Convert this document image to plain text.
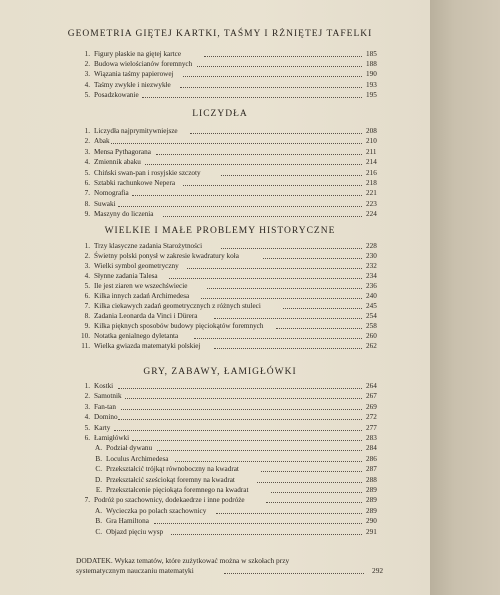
GEOMETRIA GIĘTEJ KARTKI, TAŚMY I RŻNIĘTEJ TAFELKI
1. Figury płaskie na giętej kartce	185
2. Budowa wielościanów foremnych	188
3. Wiązania taśmy papierowej	190
4. Taśmy zwykłe i niezwykłe	193
5. Posadzkowanie	195
LICZYDŁA
1. Liczydła najprymitywniejsze	208
2. Abak	210
3. Mensa Pythagorana	211
4. Zmiennik abaku	214
5. Chiński swan-pan i rosyjskie szczoty	216
6. Sztabki rachunkowe Nepera	218
7. Nomografia	221
8. Suwaki	223
9. Maszyny do liczenia	224
WIELKIE I MAŁE PROBLEMY HISTORYCZNE
1. Trzy klasyczne zadania Starożytności	228
2. Świetny polski ponysł w zakresie kwadratury koła	230
3. Wielki symbol geometryczny	232
4. Słynne zadania Talesa	234
5. Ile jest ziaren we wszechświecie	236
6. Kilka innych zadań Archimedesa	240
7. Kilka ciekawych zadań geometrycznych z różnych stuleci	245
8. Zadania Leonarda da Vinci i Dürera	254
9. Kilka pięknych sposobów budowy pięciokątów foremnych	258
10. Notatka genialnego dyletanta	260
11. Wielka gwiazda matematyki polskiej	262
GRY, ZABAWY, ŁAMIGŁÓWKI
1. Kostki	264
2. Samotnik	267
3. Fan-tan	269
4. Domino	272
5. Karty	277
6. Łamigłówki	283
A. Podział dywanu	284
B. Loculus Archimedesa	286
C. Przekształcić trójkąt równoboczny na kwadrat	287
D. Przekształcić sześciokąt foremny na kwadrat	288
E. Przekształcenie pięciokąta foremnego na kwadrat	289
7. Podróż po szachownicy, dodekaedrze i inne podróże	289
A. Wycieczka po polach szachownicy	289
B. Gra Hamiltona	290
C. Objazd pięciu wysp	291
DODATEK. Wykaz tematów, które zużytkować można w szkołach przy
systematycznym nauczaniu matematyki	292
